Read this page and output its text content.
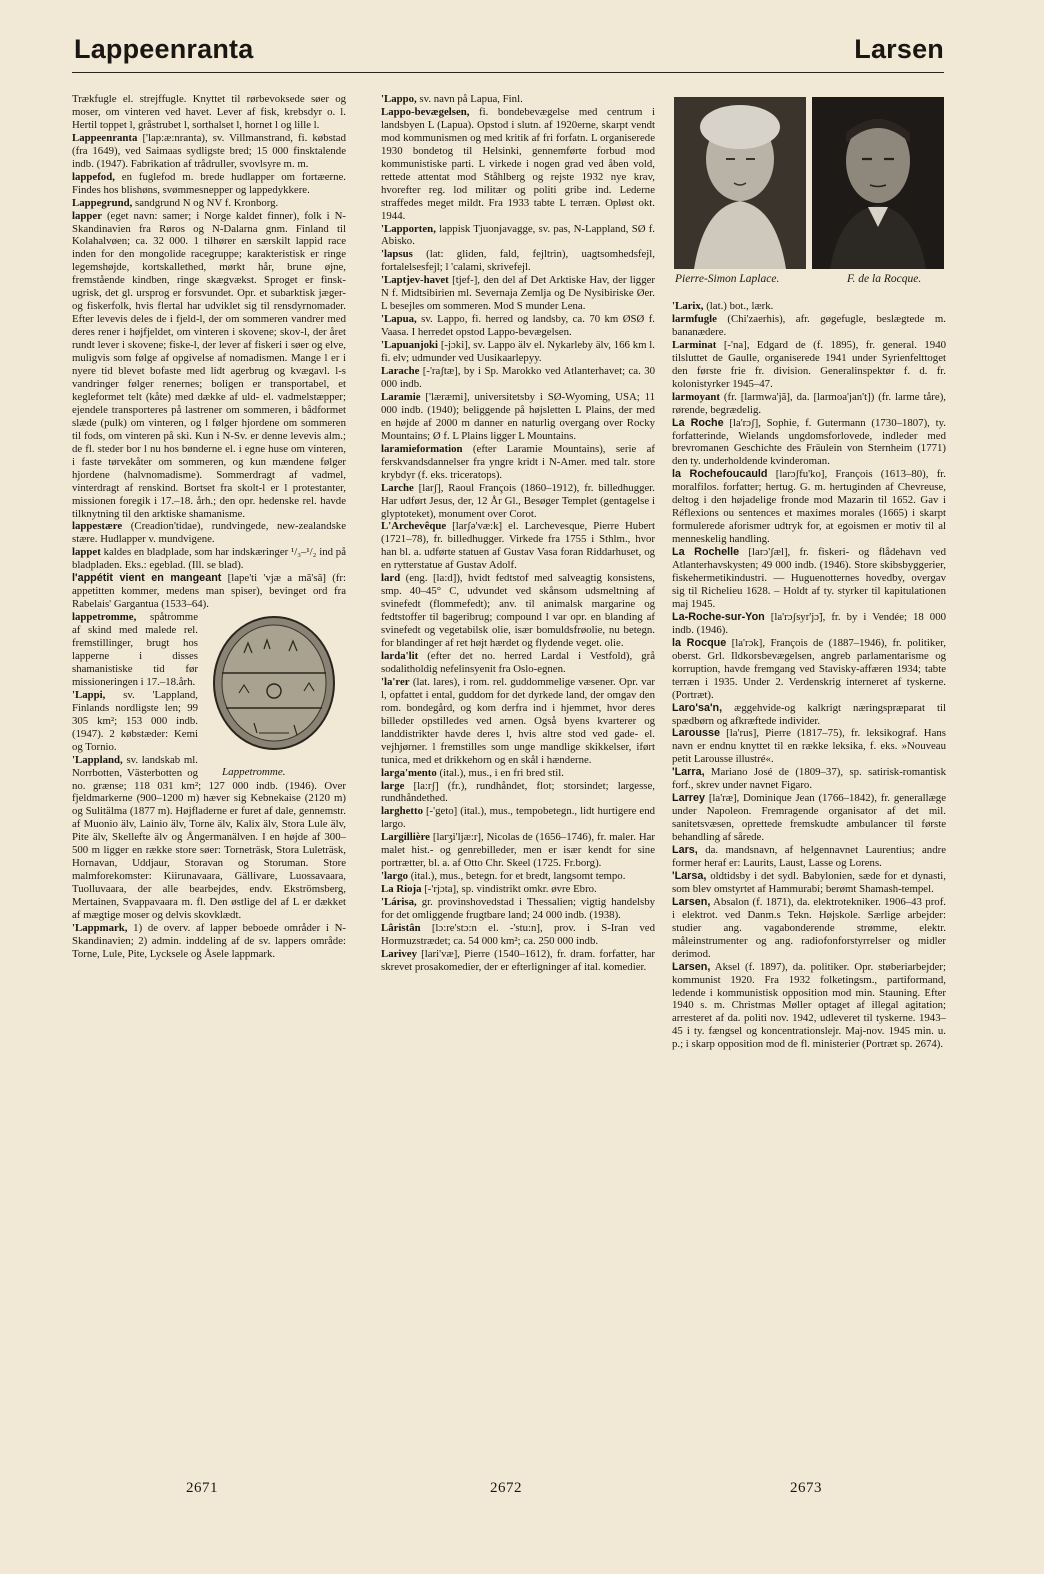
Lappeenranta	Larsen

Trækfugle el. strejffugle. Knyttet til rørbevoksede søer og moser, om vinteren ved havet. Lever af fisk, krebsdyr o. l. Hertil toppet l, gråstrubet l, sorthalset l, hornet l og lille l.

Lappeenranta ['lap:æ:nranta), sv. Villmanstrand, fi. købstad (fra 1649), ved Saimaas sydligste bred; 15 000 finsktalende indb. (1947). Fabrikation af trådruller, svovlsyre m. m.

lappefod, en fuglefod m. brede hudlapper om fortæerne. Findes hos blishøns, svømmesnepper og lappedykkere.

Lappegrund, sandgrund N og NV f. Kronborg.

lapper (eget navn: samer; i Norge kaldet finner), folk i N-Skandinavien fra Røros og N-Dalarna gnm. Finland til Kolahalvøen; ca. 32 000. 1 tilhører en særskilt lappid race inden for den mongolide racegruppe; karakteristisk er ringe legemshøjde, kortskallethed, mørkt hår, brune øjne, fremstående kindben, ringe skægvækst. Sproget er finsk-ugrisk, det gl. ursprog er forsvundet. Opr. et subarktisk jæger-og fiskerfolk, hvis flertal har udviklet sig til rensdyrnomader. Efter levevis deles de i fjeld-l, der om sommeren vandrer med deres rener i højfjeldet, om vinteren i skovene; skov-l, der året rundt lever i skovene; fiske-l, der lever af fiskeri i søer og elve, muligvis som følge af opgivelse af nomadismen. Mange l er i nyere tid blevet bofaste med lidt agerbrug og kvægavl. l-s vandringer følger renernes; boligen er transportabel, et kegleformet telt (kåte) med dække af uld- el. vadmelstæpper; ejendele transporteres på lastrener om sommeren, i bådformet slæde (pulk) om vinteren, og l følger hjordene om sommeren til fods, om vinteren på ski. Kun i N-Sv. er denne levevis alm.; de fl. steder bor l nu hos bønderne el. i egne huse om vinteren, i faste tørvekåter om sommeren, og kun mændene følger hjordene (halvnomadisme). Sommerdragt af vadmel, vinterdragt af renskind. Bortset fra skolt-l er l protestanter, missionen foregik i 17.–18. årh.; den opr. hedenske rel. havde tilknytning til den arktiske shamanisme.

lappestære (Creadion'tidae), rundvingede, new-zealandske stære. Hudlapper v. mundvigene.

lappet kaldes en bladplade, som har indskæringer ¹/₃–¹/₂ ind på bladpladen. Eks.: egeblad. (Ill. se blad).

l'appétit vient en mangeant [lape'ti 'vjæ a mã'sã] (fr: appetitten kommer, medens man spiser), bevinget ord fra Rabelais' Gargantua (1533–64).

Lappetromme.

lappetromme, spåtromme af skind med malede rel. fremstillinger, brugt hos lapperne i disses shamanistiske tid før missioneringen i 17.–18.årh.

'Lappi, sv. 'Lappland, Finlands nordligste len; 99 305 km²; 153 000 indb. (1947). 2 købstæder: Kemi og Tornio.

'Lappland, sv. landskab ml. Norrbotten, Västerbotten og no. grænse; 118 031 km²; 127 000 indb. (1946). Over fjeldmarkerne (900–1200 m) hæver sig Kebnekaise (2120 m) og Sulitälma (1877 m). Højfladerne er furet af dale, gennemstr. af Muonio älv, Lainio älv, Torne älv, Kalix älv, Stora Lule älv, Pite älv, Skellefte älv og Ångermanälven. I en højde af 300–500 m ligger en række store søer: Torneträsk, Stora Luleträsk, Hornavan, Uddjaur, Storavan og Storuman. Store malmforekomster: Kiirunavaara, Gällivare, Luossavaara, Tuolluvaara, der alle bearbejdes, endv. Ekströmsberg, Mertainen, Svappavaara m. fl. Den østlige del af L er dækket af mægtige moser og delvis skovklædt.

'Lappmark, 1) de overv. af lapper beboede områder i N-Skandinavien; 2) admin. inddeling af de sv. lappers område: Torne, Lule, Pite, Lycksele og Åsele lappmark.

'Lappo, sv. navn på Lapua, Finl.

Lappo-bevægelsen, fi. bondebevægelse med centrum i landsbyen L (Lapua). Opstod i slutn. af 1920erne, skarpt vendt mod kommunismen og med kritik af fri forfatn. L organiserede 1930 bondetog til Helsinki, gennemførte forbud mod kommunistiske parti. L virkede i nogen grad ved åben vold, rettede attentat mod Ståhlberg og rejste 1932 nye krav, hvorefter reg. lod militær og politi gribe ind. Lederne straffedes meget mildt. Fra 1933 tabte L terræn. Opløst okt. 1944.

'Lapporten, lappisk Tjuonjavagge, sv. pas, N-Lappland, SØ f. Abisko.

'lapsus (lat: gliden, fald, fejltrin), uagtsomhedsfejl, fortalelsesfejl; l 'calami, skrivefejl.

'Laptjev-havet [tjef-], den del af Det Arktiske Hav, der ligger N f. Midtsibirien ml. Severnaja Zemlja og De Nysibiriske Øer. L besejles om sommeren. Mod S munder Lena.

'Lapua, sv. Lappo, fi. herred og landsby, ca. 70 km ØSØ f. Vaasa. I herredet opstod Lappo-bevægelsen.

'Lapuanjoki [-jɔki], sv. Lappo älv el. Nykarleby älv, 166 km l. fi. elv; udmunder ved Uusikaarlepyy.

Larache [-'raʃtæ], by i Sp. Marokko ved Atlanterhavet; ca. 30 000 indb.

Laramie ['læræmi], universitetsby i SØ-Wyoming, USA; 11 000 indb. (1940); beliggende på højsletten L Plains, der med en højde af 2000 m danner en naturlig overgang over Rocky Mountains; Ø f. L Plains ligger L Mountains.

laramieformation (efter Laramie Mountains), serie af ferskvandsdannelser fra yngre kridt i N-Amer. med talr. store krybdyr (f. eks. triceratops).

Larche [larʃ], Raoul François (1860–1912), fr. billedhugger. Har udført Jesus, der, 12 År Gl., Besøger Templet (gentagelse i glyptoteket), monument over Corot.

L'Archevêque [larʃə'væ:k] el. Larchevesque, Pierre Hubert (1721–78), fr. billedhugger. Virkede fra 1755 i Sthlm., hvor han bl. a. udførte statuen af Gustav Vasa foran Riddarhuset, og en rytterstatue af Gustav Adolf.

lard (eng. [la:d]), hvidt fedtstof med salveagtig konsistens, smp. 40–45° C, udvundet ved skånsom udsmeltning af svinefedt (flommefedt); anv. til animalsk margarine og fedtstoffer til bageribrug; compound l var opr. en blanding af svinefedt og vegetabilsk olie, især bomuldsfrøolie, nu betegn. for blandinger af ret højt hærdet og flydende veget. olie.

larda'lit (efter det no. herred Lardal i Vestfold), grå sodalitholdig nefelinsyenit fra Oslo-egnen.

'la'rer (lat. lares), i rom. rel. guddommelige væsener. Opr. var l, opfattet i ental, guddom for det dyrkede land, der omgav den rom. bondegård, og kom derfra ind i hjemmet, hvor deres billeder opstilledes ved arnen. Også byens kvarterer og landdistrikter havde deres l, hvis altre stod ved gade- el. vejhjørner. l fremstilles som unge mandlige skikkelser, iført tunica, med et drikkehorn og en skål i hænderne.

larga'mento (ital.), mus., i en fri bred stil.

large [la:rʃ] (fr.), rundhåndet, flot; storsindet; largesse, rundhåndethed.

larghetto [-'geto] (ital.), mus., tempobetegn., lidt hurtigere end largo.

Largillière [larʒi'ljæ:r], Nicolas de (1656–1746), fr. maler. Har malet hist.- og genrebilleder, men er især kendt for sine portrætter, bl. a. af Otto Chr. Skeel (1725. Fr.borg).

'largo (ital.), mus., betegn. for et bredt, langsomt tempo.

La Rioja [-'rjɔta], sp. vindistrikt omkr. øvre Ebro.

'Lárisa, gr. provinshovedstad i Thessalien; vigtig handelsby for det omliggende frugtbare land; 24 000 indb. (1938).

Lâristân [lɔ:re'stɔ:n el. -'stu:n], prov. i S-Iran ved Hormuzstrædet; ca. 54 000 km²; ca. 250 000 indb.

Larivey [lari'væ], Pierre (1540–1612), fr. dram. forfatter, har skrevet prosakomedier, der er efterligninger af ital. komedier.

Pierre-Simon Laplace.	F. de la Rocque.

'Larix, (lat.) bot., lærk.

larmfugle (Chi'zaerhis), afr. gøgefugle, beslægtede m. bananædere.

Larminat [-'na], Edgard de (f. 1895), fr. general. 1940 tilsluttet de Gaulle, organiserede 1941 under Syrienfelttoget den første frie fr. division. Generalinspektør f. d. fr. kolonistyrker 1945–47.

larmoyant (fr. [larmwa'jã], da. [larmoa'jan't]) (fr. larme tåre), rørende, begrædelig.

La Roche [la'rɔʃ], Sophie, f. Gutermann (1730–1807), ty. forfatterinde, Wielands ungdomsforlovede, indleder med brevromanen Geschichte des Fräulein von Sternheim (1771) den ty. underholdende kvinderoman.

la Rochefoucauld [larɔʃfu'ko], François (1613–80), fr. moralfilos. forfatter; hertug. G. m. hertuginden af Chevreuse, deltog i den højadelige fronde mod Mazarin til 1652. Gav i Réflexions ou sentences et maximes morales (1665) i skarpt formulerede aforismer udtryk for, at egoismen er motiv til al menneskelig handling.

La Rochelle [larɔ'ʃæl], fr. fiskeri- og flådehavn ved Atlanterhavskysten; 49 000 indb. (1946). Store skibsbyggerier, fiskehermetikindustri. — Huguenotternes hovedby, overgav sig til Richelieu 1628. – Holdt af ty. styrker til kapitulationen maj 1945.

La-Roche-sur-Yon [la'rɔʃsyr'jɔ̃], fr. by i Vendée; 18 000 indb. (1946).

la Rocque [la'rɔk], François de (1887–1946), fr. politiker, oberst. Grl. Ildkorsbevægelsen, angreb parlamentarisme og korruption, havde fremgang ved Stavisky-affæren 1934; tabte terræn i 1935. Under 2. Verdenskrig interneret af tyskerne. (Portræt).

Laro'sa'n, æggehvide-og kalkrigt næringspræparat til spædbørn og afkræftede individer.

Larousse [la'rus], Pierre (1817–75), fr. leksikograf. Hans navn er endnu knyttet til en række leksika, f. eks. »Nouveau petit Larousse illustré«.

'Larra, Mariano José de (1809–37), sp. satirisk-romantisk forf., skrev under navnet Figaro.

Larrey [la'ræ], Dominique Jean (1766–1842), fr. generallæge under Napoleon. Fremragende organisator af det mil. sanitetsvæsen, oprettede fremskudte ambulancer til første behandling af sårede.

Lars, da. mandsnavn, af helgennavnet Laurentius; andre former heraf er: Laurits, Laust, Lasse og Lorens.

'Larsa, oldtidsby i det sydl. Babylonien, sæde for et dynasti, som blev omstyrtet af Hammurabi; berømt Shamash-tempel.

Larsen, Absalon (f. 1871), da. elektrotekniker. 1906–43 prof. i elektrot. ved Danm.s Tekn. Højskole. Særlige arbejder: studier ang. vagabonderende strømme, elektr. måleinstrumenter og ang. radiofonforstyrrelser og midler derimod.

Larsen, Aksel (f. 1897), da. politiker. Opr. støberiarbejder; kommunist 1920. Fra 1932 folketingsm., partiformand, ledende i kommunistisk opposition mod min. Stauning. Efter 1940 s. m. Christmas Møller optaget af illegal agitation; arresteret af da. politi nov. 1942, udleveret til tyskerne. 1943–45 i ty. fængsel og koncentrationslejr. Maj-nov. 1945 min. u. p.; i skarp opposition mod de fl. ministerier (Portræt sp. 2674).

2671	2672	2673
